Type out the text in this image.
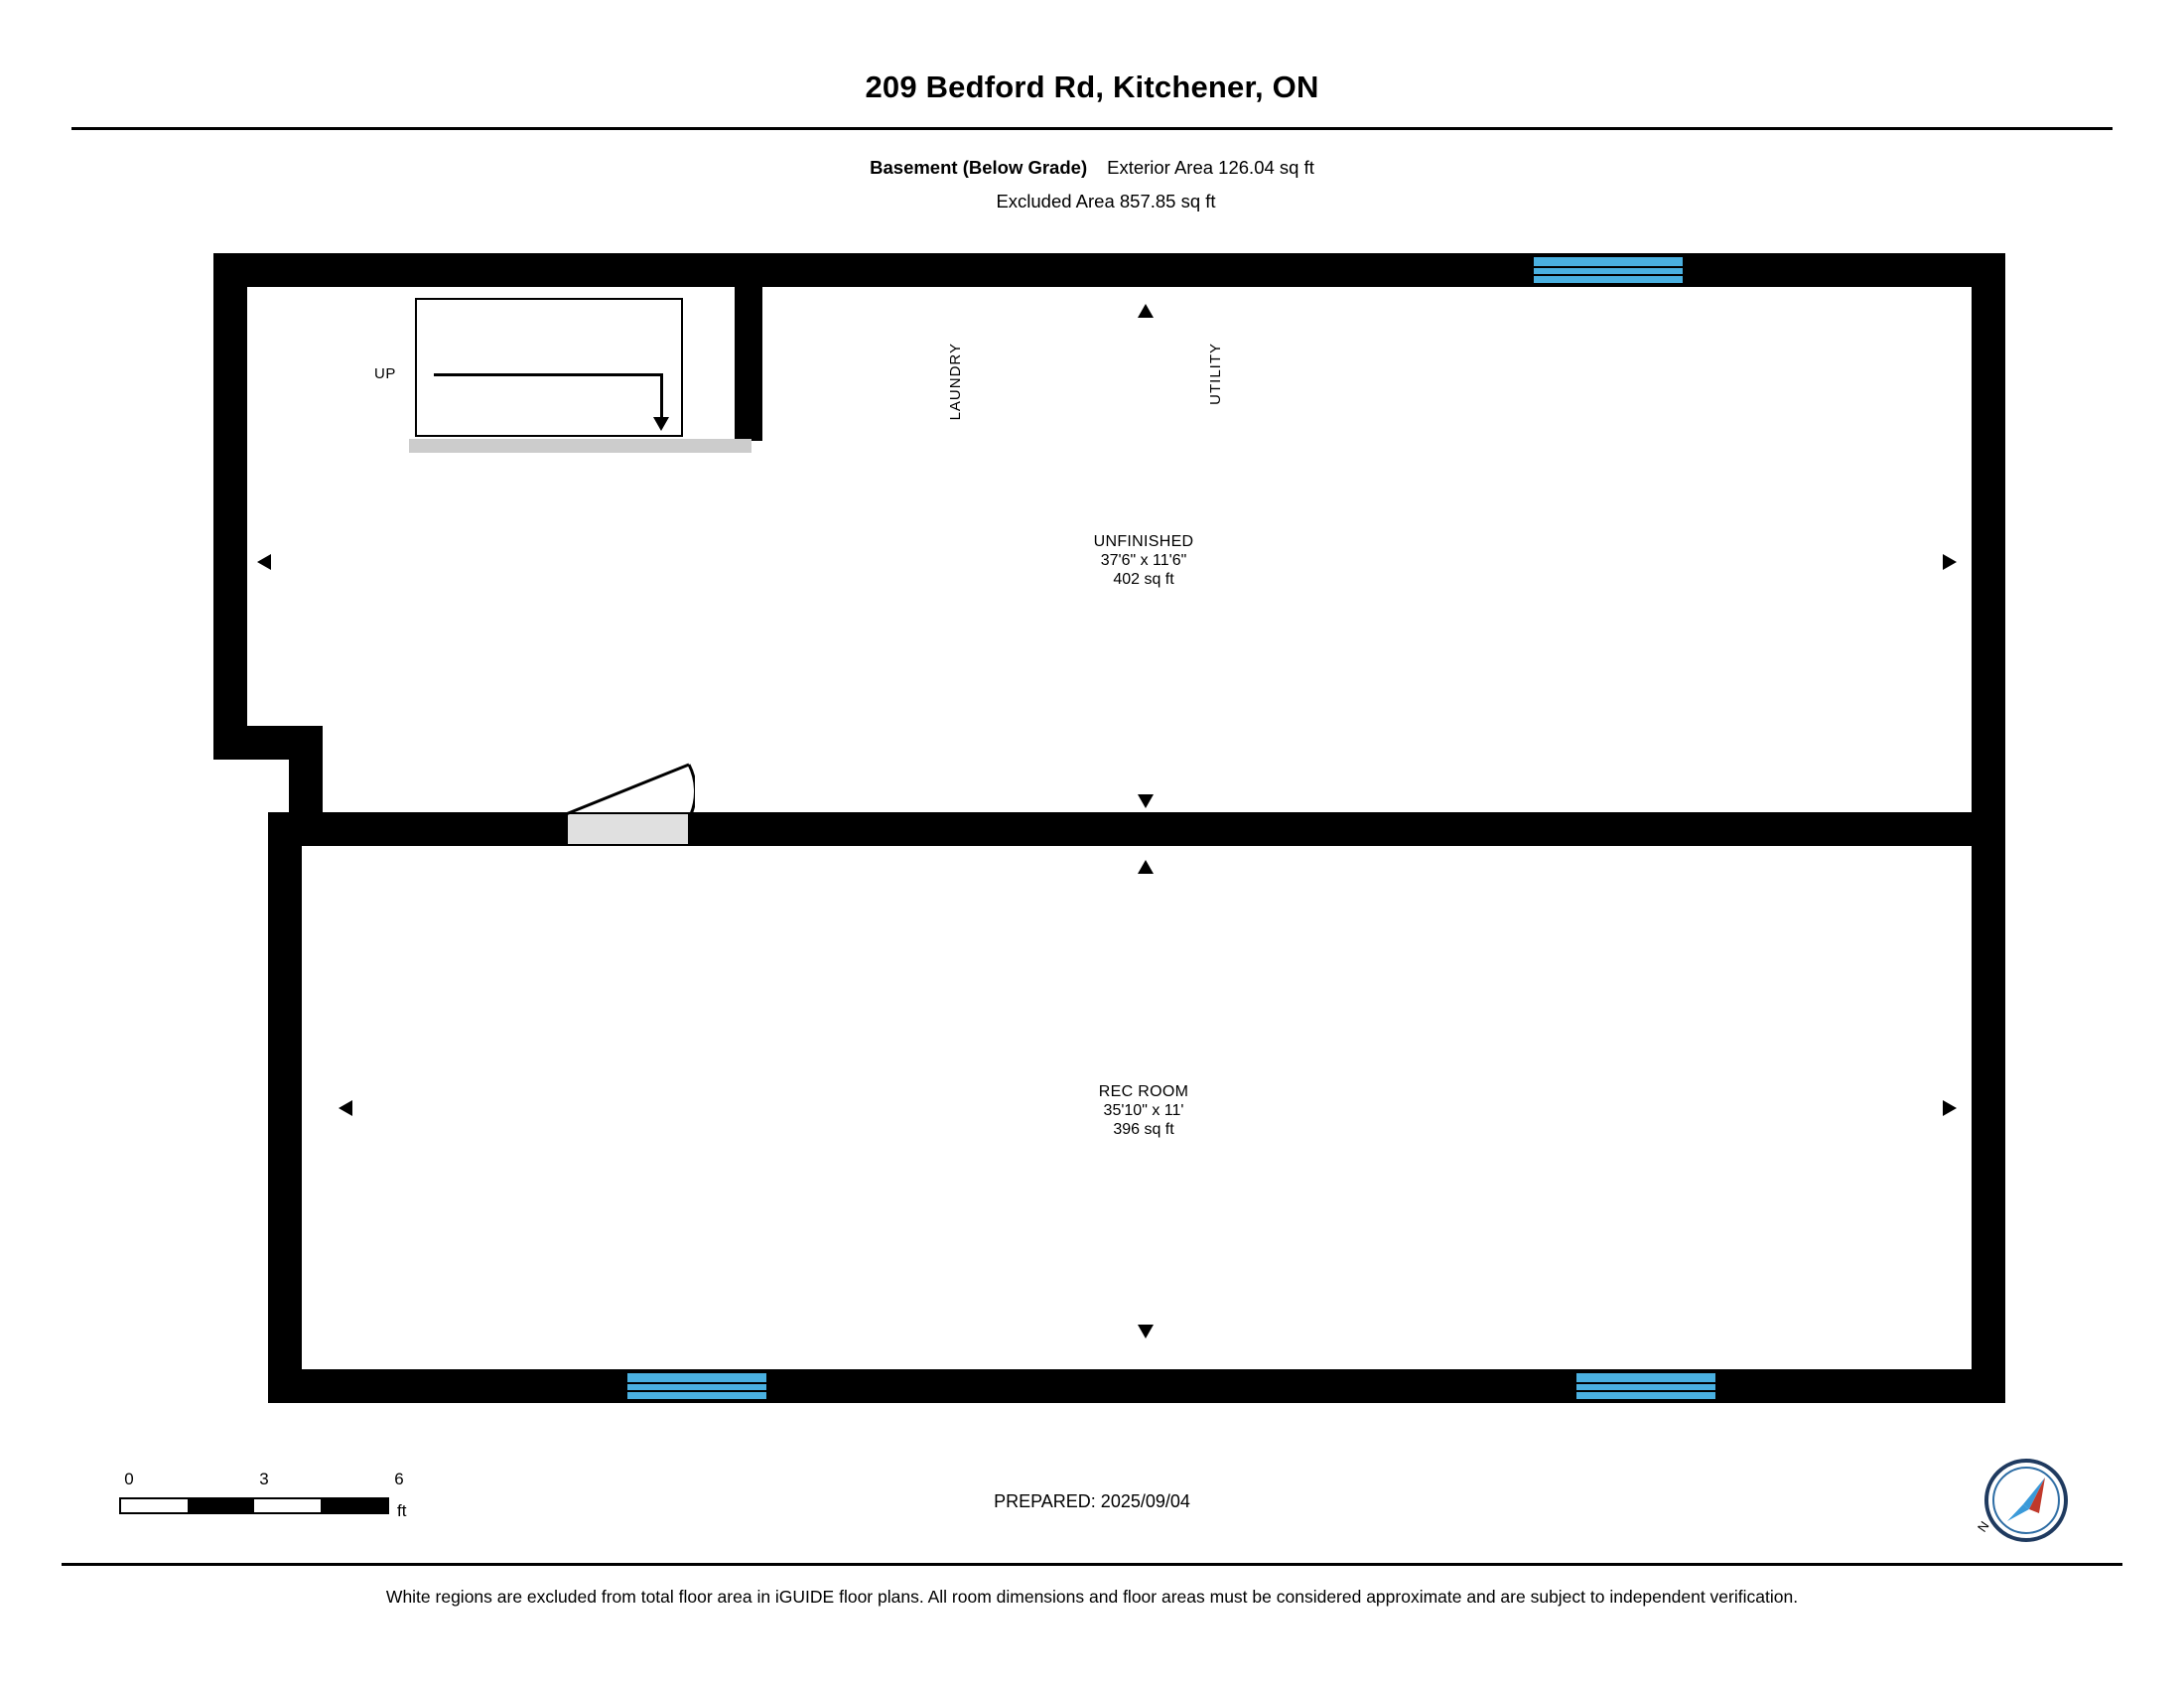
209 Bedford Rd, Kitchener, ON
Basement (Below Grade) Exterior Area 126.04 sq ft
Excluded Area 857.85 sq ft
UP	LAUNDRY	UTILITY
UNFINISHED
37'6" x 11'6"
402 sq ft
REC ROOM
35'10" x 11'
396 sq ft
0	3	6
ft	PREPARED: 2025/09/04
N
White regions are excluded from total floor area in iGUIDE floor plans. All room dimensions and floor areas must be considered approximate and are subject to independent verification.
